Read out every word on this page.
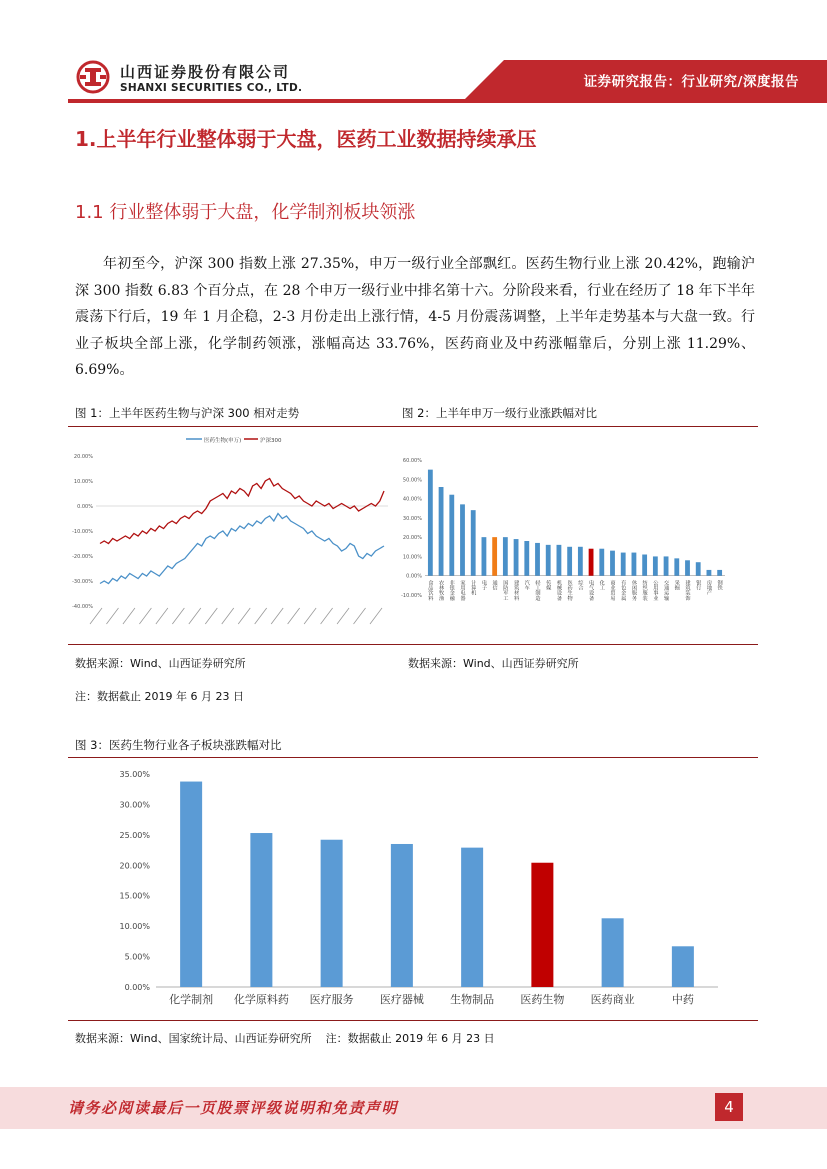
证券研究报告：行业研究/深度报告
山西证券股份有限公司
SHANXI SECURITIES CO., LTD.
1.上半年行业整体弱于大盘，医药工业数据持续承压
1.1 行业整体弱于大盘，化学制剂板块领涨
年初至今，沪深 300 指数上涨 27.35%，申万一级行业全部飘红。医药生物行业上涨 20.42%，跑输沪深 300 指数 6.83 个百分点，在 28 个申万一级行业中排名第十六。分阶段来看，行业在经历了 18 年下半年震荡下行后，19 年 1 月企稳，2-3 月份走出上涨行情，4-5 月份震荡调整，上半年走势基本与大盘一致。行业子板块全部上涨，化学制药领涨，涨幅高达 33.76%，医药商业及中药涨幅靠后，分别上涨 11.29%、6.69%。
图 1：上半年医药生物与沪深 300 相对走势	图 2：上半年申万一级行业涨跌幅对比
医药生物(申万)	沪深300
20.00%
10.00%
0.00%
-10.00%
-20.00%
-30.00%
-40.00%
60.00%
50.00%
40.00%
30.00%
20.00%
10.00%
0.00%
-10.00% 食品饮料 农林牧渔 非银金融 家用电器 计算机 电子 通信 国防军工 建筑材料 汽车 轻工制造 传媒 机械设备 医药生物 综合 电气设备 化工 商业贸易 有色金属 休闲服务 纺织服装 公用事业 交通运输 采掘 建筑装饰 银行 房地产 钢铁
数据来源：Wind、山西证券研究所	数据来源：Wind、山西证券研究所
注：数据截止 2019 年 6 月 23 日
图 3：医药生物行业各子板块涨跌幅对比
35.00%
30.00%
25.00%
20.00%
15.00%
10.00%
5.00%
0.00%
化学制剂 化学原料药 医疗服务 医疗器械 生物制品 医药生物 医药商业	中药
数据来源：Wind、国家统计局、山西证券研究所    注：数据截止 2019 年 6 月 23 日
请务必阅读最后一页股票评级说明和免责声明	4
